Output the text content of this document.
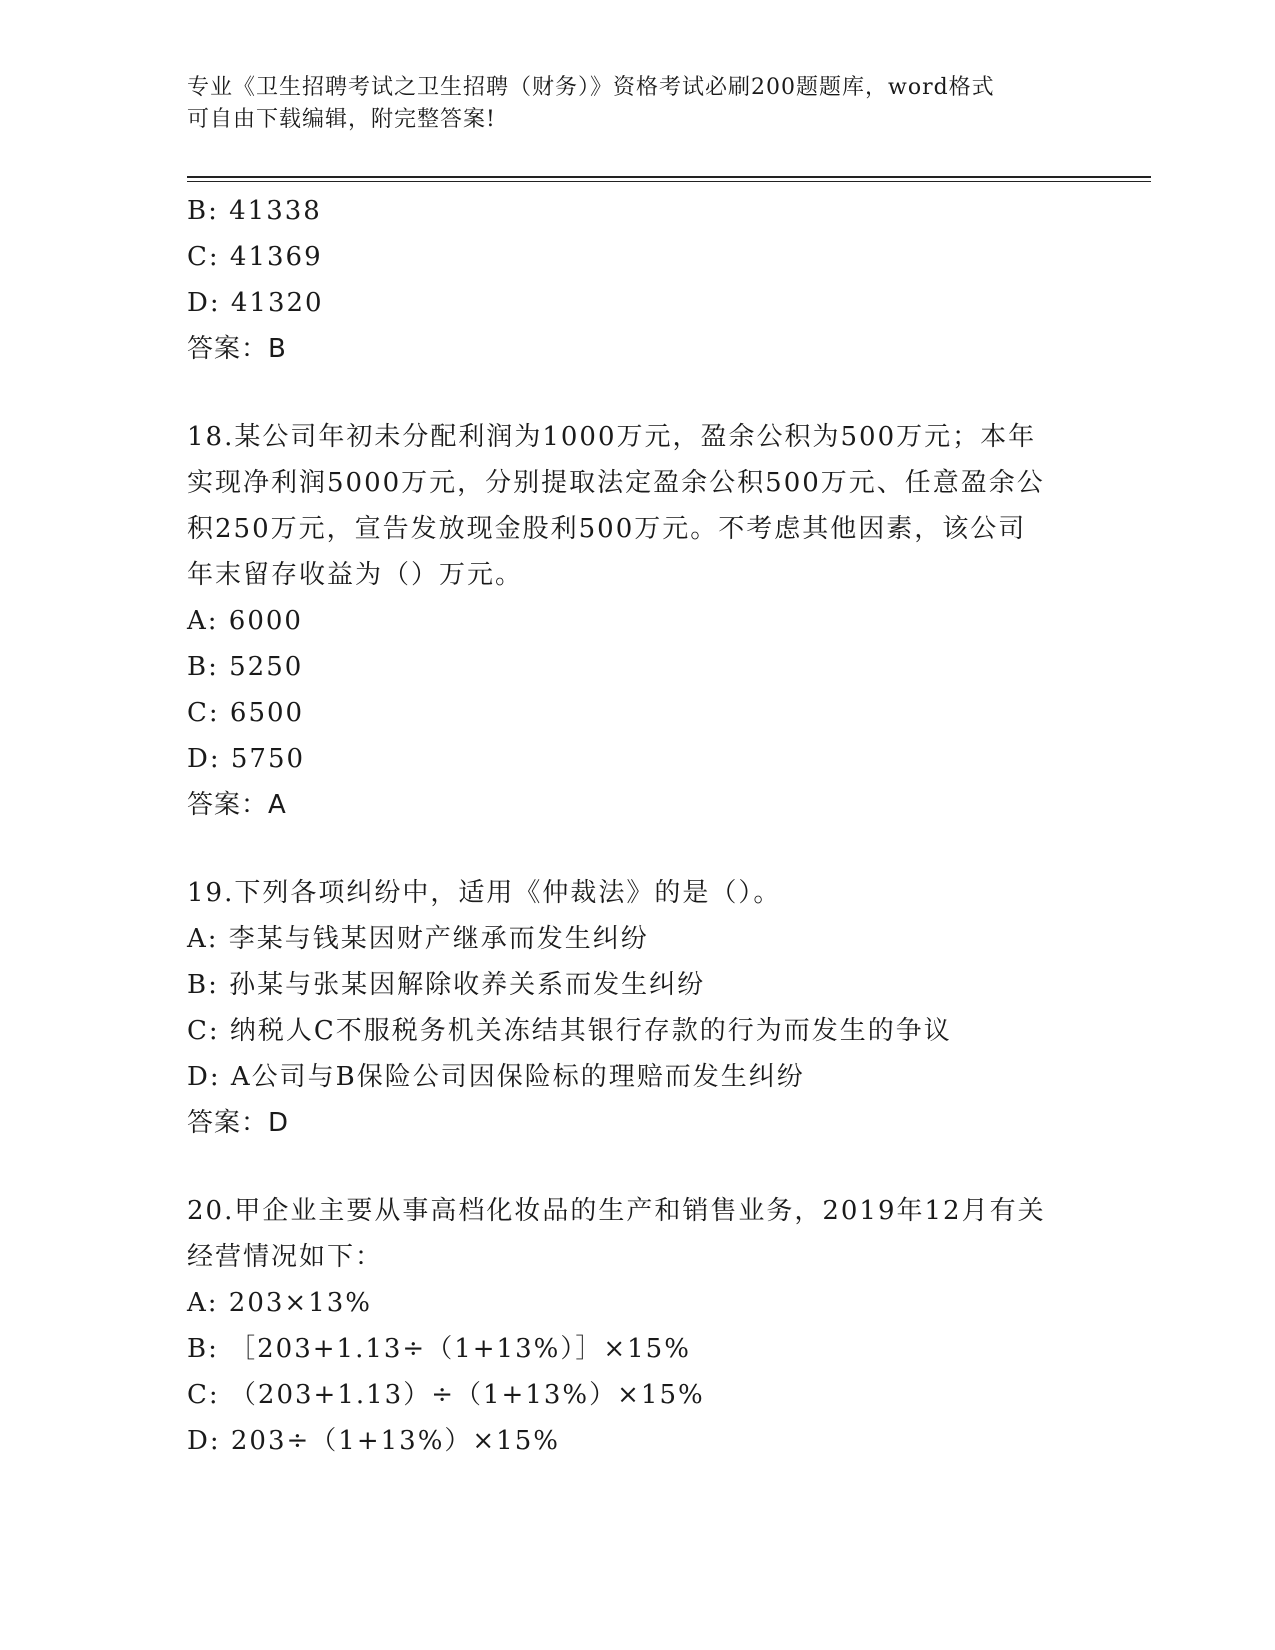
专业《卫生招聘考试之卫生招聘（财务）》资格考试必刷200题题库，word格式
可自由下载编辑，附完整答案!
B: 41338
C: 41369
D: 41320
答案：B
18.某公司年初未分配利润为1000万元，盈余公积为500万元；本年
实现净利润5000万元，分别提取法定盈余公积500万元、任意盈余公
积250万元，宣告发放现金股利500万元。不考虑其他因素，该公司
年末留存收益为（）万元。
A: 6000
B: 5250
C: 6500
D: 5750
答案：A
19.下列各项纠纷中，适用《仲裁法》的是（）。
A: 李某与钱某因财产继承而发生纠纷
B: 孙某与张某因解除收养关系而发生纠纷
C: 纳税人C不服税务机关冻结其银行存款的行为而发生的争议
D: A公司与B保险公司因保险标的理赔而发生纠纷
答案：D
20.甲企业主要从事高档化妆品的生产和销售业务，2019年12月有关
经营情况如下：
A: 203×13%
B: ［203+1.13÷（1+13%）］×15%
C: （203+1.13）÷（1+13%）×15%
D: 203÷（1+13%）×15%
